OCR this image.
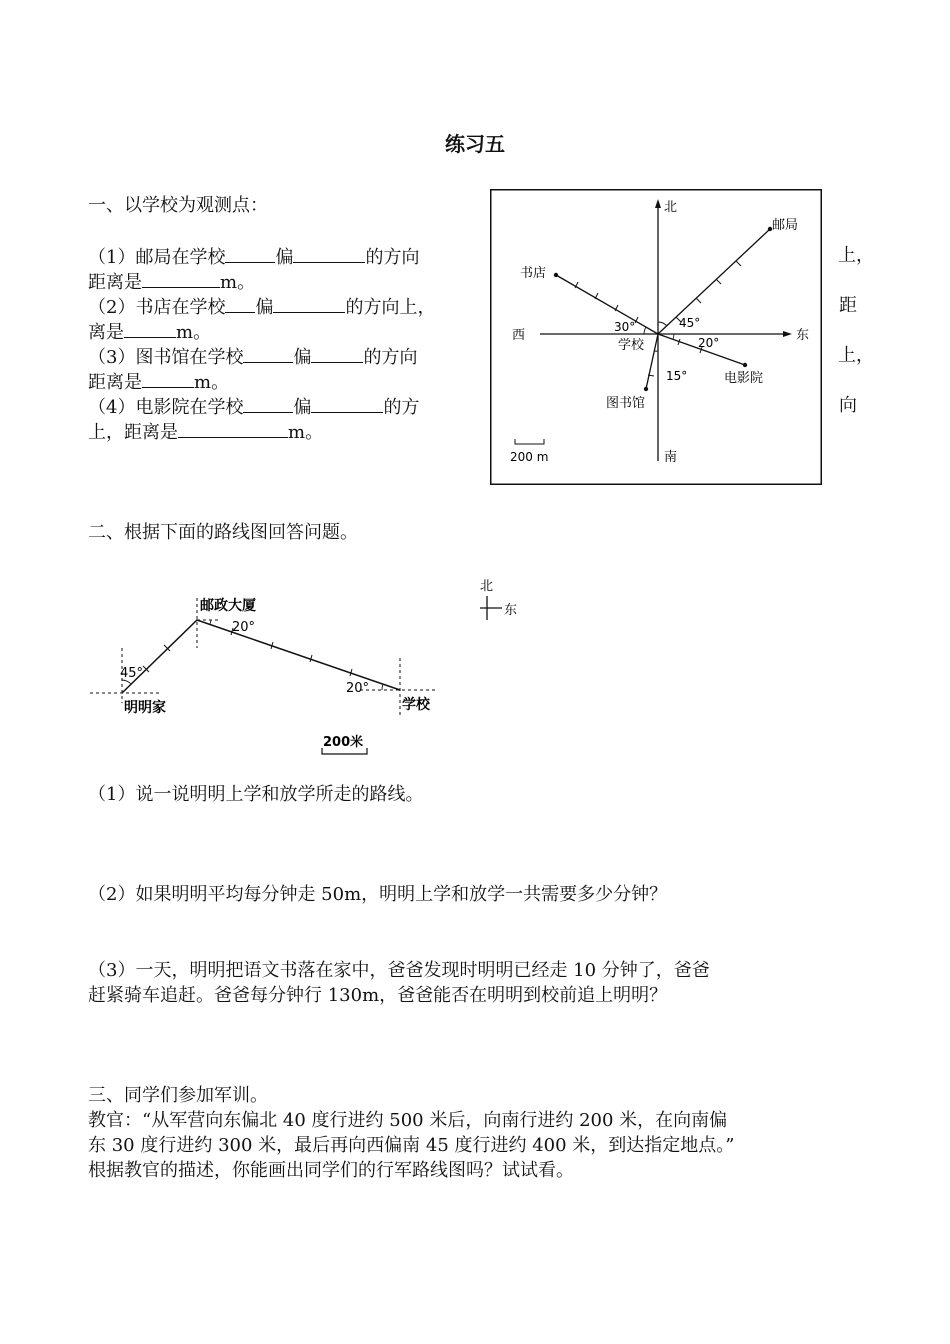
练习五
一、以学校为观测点：
（1）邮局在学校	偏	的方向	上，
距离是	m。
（2）书店在学校 偏	的方向上，	距
离是	m。
（3）图书馆在学校	偏	的方向	上，
距离是	m。
（4）电影院在学校	偏	的方	向
上，距离是	m。
北
南
东
西
邮局
书店
学校
图书馆
电影院
45°
30°
20°
15°
200 m
二、根据下面的路线图回答问题。
邮政大厦
明明家	学校
45°
20°
20°
北
东
200米
（1）说一说明明上学和放学所走的路线。
（2）如果明明平均每分钟走 50m，明明上学和放学一共需要多少分钟？
（3）一天，明明把语文书落在家中，爸爸发现时明明已经走 10 分钟了，爸爸
赶紧骑车追赶。爸爸每分钟行 130m，爸爸能否在明明到校前追上明明？
三、同学们参加军训。
教官：“从军营向东偏北 40 度行进约 500 米后，向南行进约 200 米，在向南偏
东 30 度行进约 300 米，最后再向西偏南 45 度行进约 400 米，到达指定地点。”
根据教官的描述，你能画出同学们的行军路线图吗？试试看。
